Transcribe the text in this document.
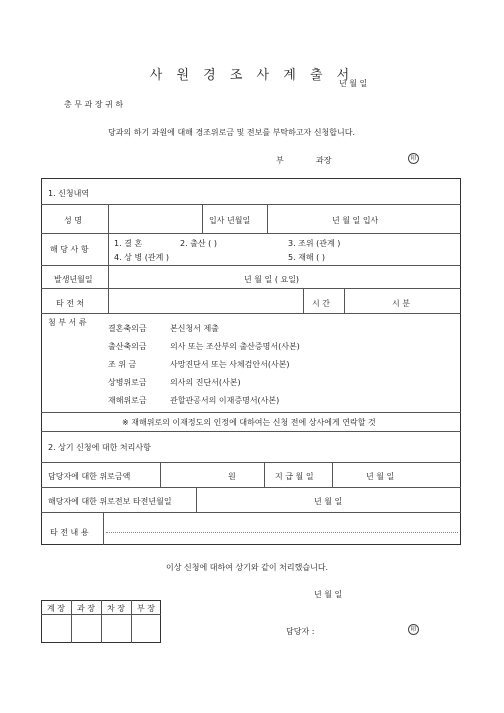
사 원 경 조 사 계 출 서
년 월 일
총 무 과 장 귀 하
당과의 하기 과원에 대해 경조위로금 및 전보를 부탁하고자 신청합니다.
부	과장	印
1. 신청내역
성 명	입사 년월일	년 월 일 입사
해 당 사 항
1. 결 혼	2. 출산 ( )	3. 조위 (관계 )
4. 상 병 (관계 )	5. 재해 ( )
발생년월일	년 월 일 ( 요일)
타 전 처	시 간	시 분
첨 부 서 류
결혼축의금	본신청서 제출
출산축의금	의사 또는 조산부의 출산증명서(사본)
조 위 금	사망진단서 또는 사체검안서(사본)
상병위로금	의사의 진단서(사본)
재해위로금	관할관공서의 이재증명서(사본)
※ 재해위로의 이재정도의 인정에 대하여는 신청 전에 상사에게 연락할 것
2. 상기 신청에 대한 처리사항
담당자에 대한 위로금액	원	지 급 월 일	년 월 일
해당자에 대한 위로전보 타전년월일	년 월 일
타 전 내 용
이상 신청에 대하여 상기와 같이 처리했습니다.
년 월 일
계 장	과 장	차 장	부 장
담당자 :	印
